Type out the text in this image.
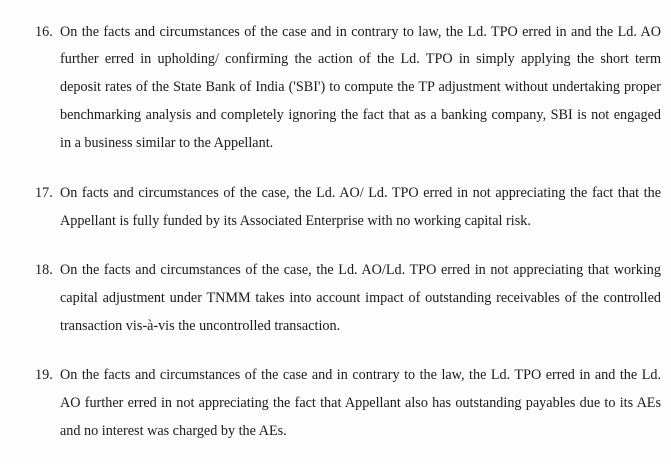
16. On the facts and circumstances of the case and in contrary to law, the Ld. TPO erred in and the Ld. AO
further erred in upholding/ confirming the action of the Ld. TPO in simply applying the short term
deposit rates of the State Bank of India ('SBI') to compute the TP adjustment without undertaking proper
benchmarking analysis and completely ignoring the fact that as a banking company, SBI is not engaged
in a business similar to the Appellant.
17. On facts and circumstances of the case, the Ld. AO/ Ld. TPO erred in not appreciating the fact that the
Appellant is fully funded by its Associated Enterprise with no working capital risk.
18. On the facts and circumstances of the case, the Ld. AO/Ld. TPO erred in not appreciating that working
capital adjustment under TNMM takes into account impact of outstanding receivables of the controlled
transaction vis-à-vis the uncontrolled transaction.
19. On the facts and circumstances of the case and in contrary to the law, the Ld. TPO erred in and the Ld.
AO further erred in not appreciating the fact that Appellant also has outstanding payables due to its AEs
and no interest was charged by the AEs.
